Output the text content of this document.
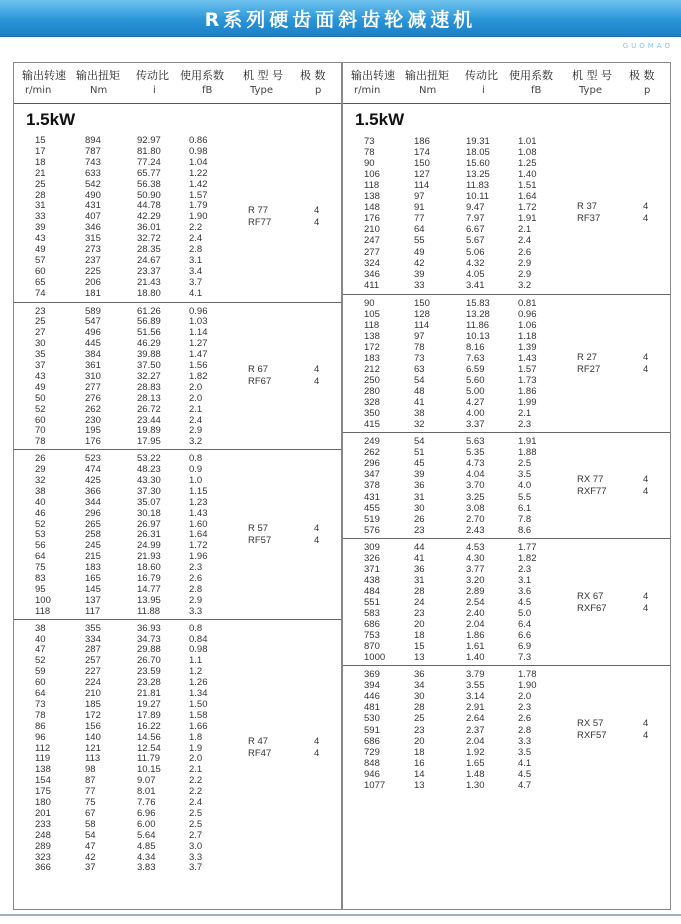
R系列硬齿面斜齿轮减速机
GUOMAO
输出转速 输出扭矩 传动比 使用系数 机 型 号 极 数
r/min	Nm	i	fB	Type	p
1.5kW
15	894	92.97	0.86
17	787	81.80	0.98
18	743	77.24	1.04
21	633	65.77	1.22
25	542	56.38	1.42
28	490	50.90	1.57
31	431	44.78	1.79
33	407	42.29	1.90
39	346	36.01	2.2
43	315	32.72	2.4
49	273	28.35	2.8
57	237	24.67	3.1
60	225	23.37	3.4
65	206	21.43	3.7
74	181	18.80	4.1
R 77	4
RF77	4
23	589	61.26	0.96
25	547	56.89	1.03
27	496	51.56	1.14
30	445	46.29	1.27
35	384	39.88	1.47
37	361	37.50	1.56
43	310	32.27	1.82
49	277	28.83	2.0
50	276	28.13	2.0
52	262	26.72	2.1
60	230	23.44	2.4
70	195	19.89	2.9
78	176	17.95	3.2
R 67	4
RF67	4
26	523	53.22	0.8
29	474	48.23	0.9
32	425	43.30	1.0
38	366	37.30	1.15
40	344	35.07	1.23
46	296	30.18	1.43
52	265	26.97	1.60
53	258	26.31	1.64
56	245	24.99	1.72
64	215	21.93	1.96
75	183	18.60	2.3
83	165	16.79	2.6
95	145	14.77	2.8
100	137	13.95	2.9
118	117	11.88	3.3
R 57	4
RF57	4
38	355	36.93	0.8
40	334	34.73	0.84
47	287	29.88	0.98
52	257	26.70	1.1
59	227	23.59	1.2
60	224	23.28	1.26
64	210	21.81	1.34
73	185	19.27	1.50
78	172	17.89	1.58
86	156	16.22	1.66
96	140	14.56	1.8
112	121	12.54	1.9
119	113	11.79	2.0
138	98	10.15	2.1
154	87	9.07	2.2
175	77	8.01	2.2
180	75	7.76	2.4
201	67	6.96	2.5
233	58	6.00	2.5
248	54	5.64	2.7
289	47	4.85	3.0
323	42	4.34	3.3
366	37	3.83	3.7
R 47	4
RF47	4
输出转速 输出扭矩 传动比 使用系数 机 型 号 极 数
r/min	Nm	i	fB	Type	p
1.5kW
73	186	19.31	1.01
78	174	18.05	1.08
90	150	15.60	1.25
106	127	13.25	1.40
118	114	11.83	1.51
138	97	10.11	1.64
148	91	9.47	1.72
176	77	7.97	1.91
210	64	6.67	2.1
247	55	5.67	2.4
277	49	5.06	2.6
324	42	4.32	2.9
346	39	4.05	2.9
411	33	3.41	3.2
R 37	4
RF37	4
90	150	15.83	0.81
105	128	13.28	0.96
118	114	11.86	1.06
138	97	10.13	1.18
172	78	8.16	1.39
183	73	7.63	1.43
212	63	6.59	1.57
250	54	5.60	1.73
280	48	5.00	1.86
328	41	4.27	1.99
350	38	4.00	2.1
415	32	3.37	2.3
R 27	4
RF27	4
249	54	5.63	1.91
262	51	5.35	1.88
296	45	4.73	2.5
347	39	4.04	3.5
378	36	3.70	4.0
431	31	3.25	5.5
455	30	3.08	6.1
519	26	2.70	7.8
576	23	2.43	8.6
RX 77	4
RXF77	4
309	44	4.53	1.77
326	41	4.30	1.82
371	36	3.77	2.3
438	31	3.20	3.1
484	28	2.89	3.6
551	24	2.54	4.5
583	23	2.40	5.0
686	20	2.04	6.4
753	18	1.86	6.6
870	15	1.61	6.9
1000	13	1.40	7.3
RX 67	4
RXF67	4
369	36	3.79	1.78
394	34	3.55	1.90
446	30	3.14	2.0
481	28	2.91	2.3
530	25	2.64	2.6
591	23	2.37	2.8
686	20	2.04	3.3
729	18	1.92	3.5
848	16	1.65	4.1
946	14	1.48	4.5
1077	13	1.30	4.7
RX 57	4
RXF57	4
